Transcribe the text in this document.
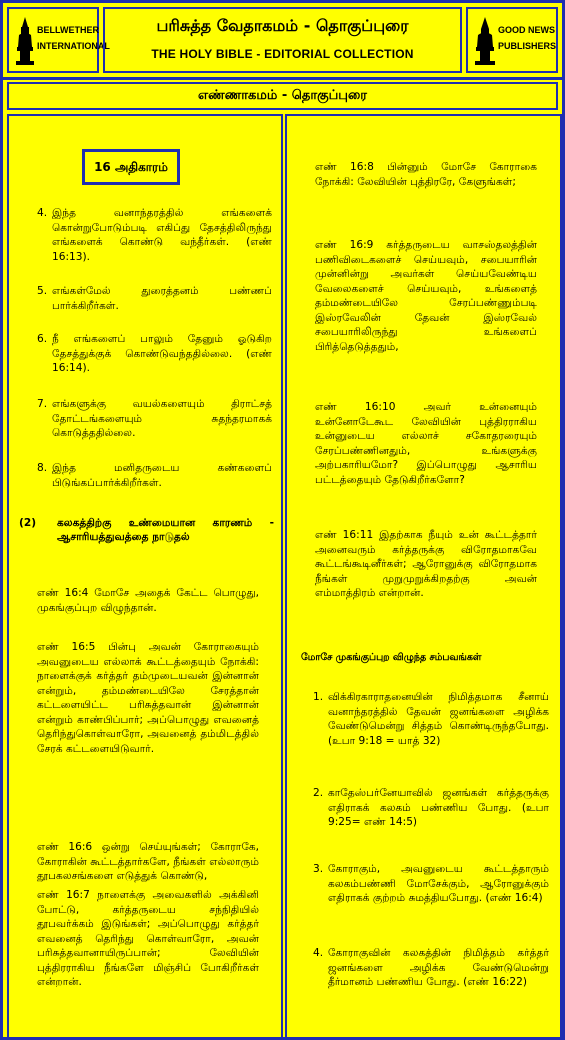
BELLWETHER
INTERNATIONAL
பரிசுத்த வேதாகமம் - தொகுப்புரை
THE HOLY BIBLE - EDITORIAL COLLECTION
GOOD NEWS
PUBLISHERS
எண்ணாகமம் - தொகுப்புரை
16 அதிகாரம்
4. இந்த வனாந்தரத்தில் எங்களைக் கொன்றுபோடும்படி எகிப்து தேசத்திலிருந்து எங்களைக் கொண்டு வந்தீர்கள். (எண் 16:13).
5. எங்கள்மேல் துரைத்தனம் பண்ணப் பார்க்கிறீர்கள்.
6. நீ எங்களைப் பாலும் தேனும் ஓடுகிற தேசத்துக்குக் கொண்டுவந்ததில்லை. (எண் 16:14).
7. எங்களுக்கு வயல்களையும் திராட்சத் தோட்டங்களையும் சுதந்தரமாகக் கொடுத்ததில்லை.
8. இந்த மனிதருடைய கண்களைப் பிடுங்கப்பார்க்கிறீர்கள்.
(2) கலகத்திற்கு உண்மையான காரணம் - ஆசாரியத்துவத்தை நாடுதல்
எண் 16:4 மோசே அதைக் கேட்ட பொழுது, முகங்குப்புற விழுந்தான்.
எண் 16:5 பின்பு அவன் கோராகையும் அவனுடைய எல்லாக் கூட்டத்தையும் நோக்கி: நாளைக்குக் கர்த்தர் தம்முடையவன் இன்னான் என்றும், தம்மண்டையிலே சேரத்தான் கட்டளையிட்ட பரிசுத்தவான் இன்னான் என்றும் காண்பிப்பார்; அப்பொழுது எவனைத் தெரிந்துகொள்வாரோ, அவனைத் தம்மிடத்தில் சேரக் கட்டளையிடுவார்.
எண் 16:6 ஒன்று செய்யுங்கள்; கோராகே, கோராகின் கூட்டத்தார்களே, நீங்கள் எல்லாரும் தூபகலசங்களை எடுத்துக் கொண்டு,
எண் 16:7 நாளைக்கு அவைகளில் அக்கினி போட்டு, கர்த்தருடைய சந்நிதியில் தூபவர்க்கம் இடுங்கள்; அப்பொழுது கர்த்தர் எவனைத் தெரிந்து கொள்வாரோ, அவன் பரிசுத்தவானாயிருப்பான்; லேவியின் புத்திரராகிய நீங்களே மிஞ்சிப் போகிறீர்கள் என்றான்.
எண் 16:8 பின்னும் மோசே கோராகை நோக்கி: லேவியின் புத்திரரே, கேளுங்கள்;
எண் 16:9 கர்த்தருடைய வாசஸ்தலத்தின் பணிவிடைகளைச் செய்யவும், சபையாரின் முன்னின்று அவர்கள் செய்யவேண்டிய வேலைகளைச் செய்யவும், உங்களைத் தம்மண்டையிலே சேரப்பண்ணும்படி இஸ்ரவேலின் தேவன் இஸ்ரவேல் சபையாரிலிருந்து உங்களைப் பிரித்தெடுத்ததும்,
எண் 16:10 அவர் உன்னையும் உன்னோடேகூட லேவியின் புத்திரராகிய உன்னுடைய எல்லாச் சகோதரரையும் சேரப்பண்ணினதும், உங்களுக்கு அற்பகாரியமோ? இப்பொழுது ஆசாரிய பட்டத்தையும் தேடுகிறீர்களோ?
எண் 16:11 இதற்காக நீயும் உன் கூட்டத்தார் அனைவரும் கர்த்தருக்கு விரோதமாகவே கூட்டங்கூடினீர்கள்; ஆரோனுக்கு விரோதமாக நீங்கள் முறுமுறுக்கிறதற்கு அவன் எம்மாத்திரம் என்றான்.
மோசே முகங்குப்புற விழுந்த சம்பவங்கள்
1. விக்கிரகாராதனையின் நிமித்தமாக சீனாய் வனாந்தரத்தில் தேவன் ஜனங்களை அழிக்க வேண்டுமென்று சித்தம் கொண்டிருந்தபோது. (உபா 9:18 = யாத் 32)
2. காதேஸ்பர்னேயாவில் ஜனங்கள் கர்த்தருக்கு எதிராகக் கலகம் பண்ணிய போது. (உபா 9:25= எண் 14:5)
3. கோராகும், அவனுடைய கூட்டத்தாரும் கலகம்பண்ணி மோசேக்கும், ஆரோனுக்கும் எதிராகக் குற்றம் சுமத்தியபோது. (எண் 16:4)
4. கோராகுவின் கலகத்தின் நிமித்தம் கர்த்தர் ஜனங்களை அழிக்க வேண்டுமென்று தீர்மானம் பண்ணிய போது. (எண் 16:22)
